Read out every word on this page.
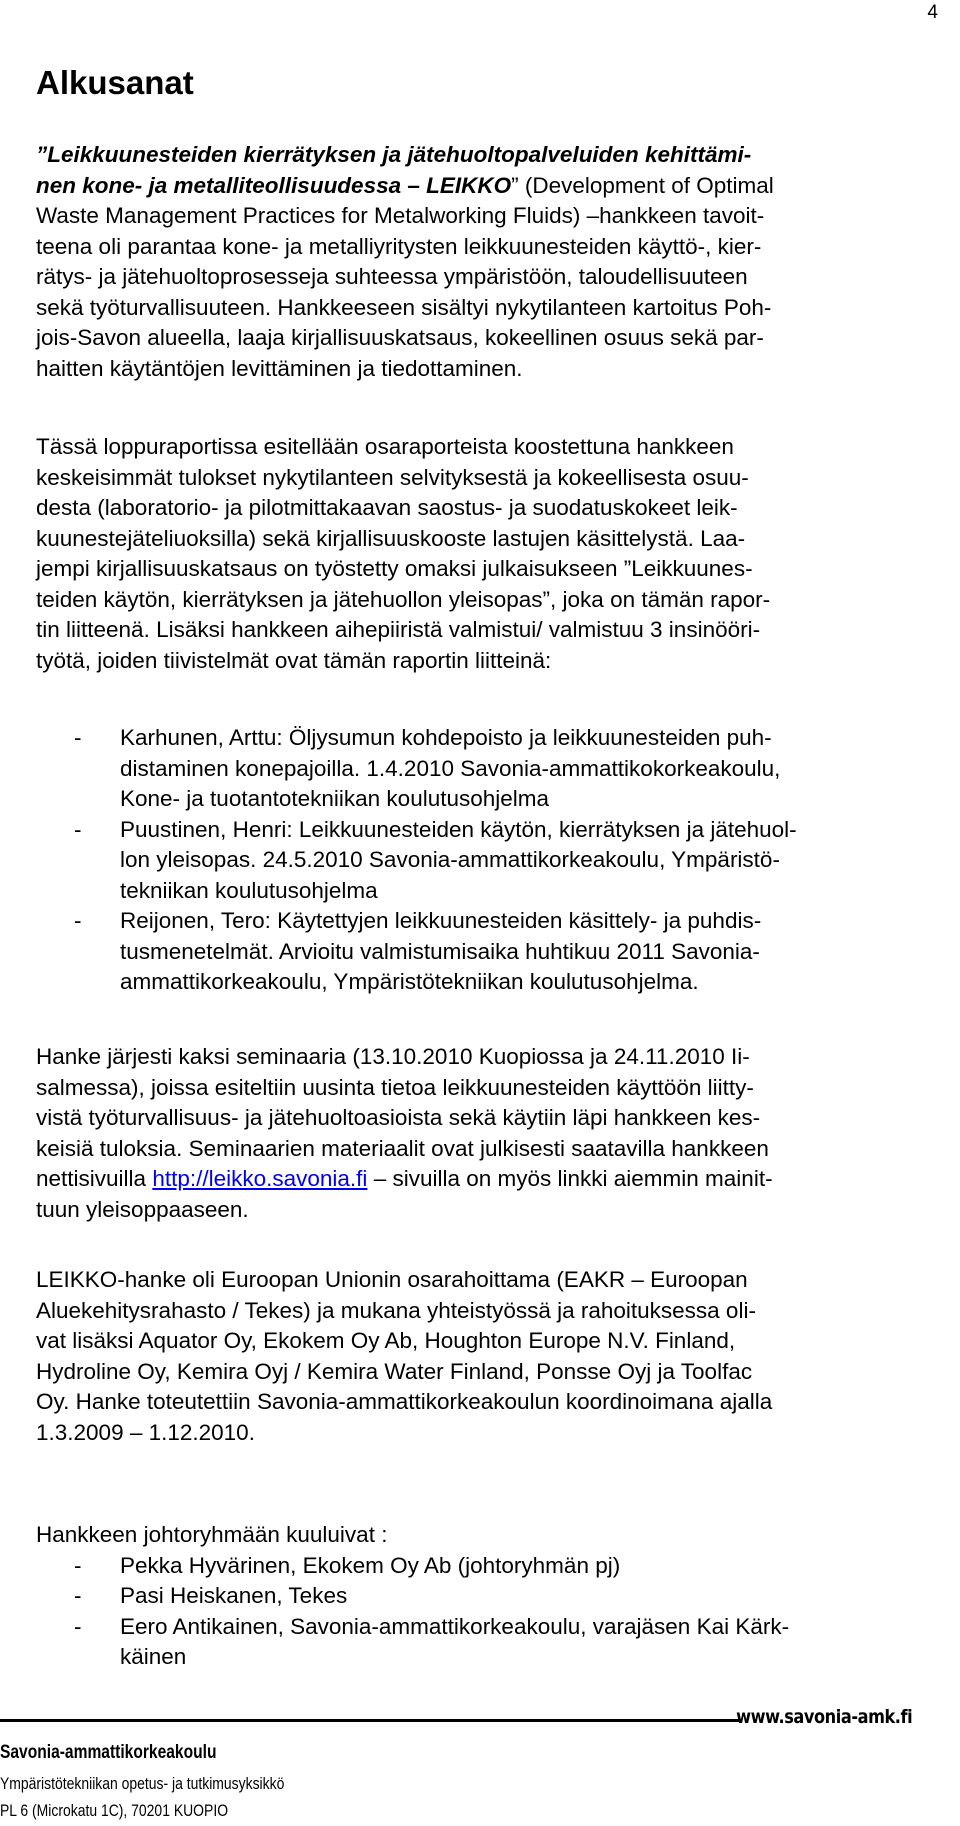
4
Alkusanat
”Leikkuunesteiden kierrätyksen ja jätehuoltopalveluiden kehittämi-
nen kone- ja metalliteollisuudessa – LEIKKO” (Development of Optimal
Waste Management Practices for Metalworking Fluids) –hankkeen tavoit-
teena oli parantaa kone- ja metalliyritysten leikkuunesteiden käyttö-, kier-
rätys- ja jätehuoltoprosesseja suhteessa ympäristöön, taloudellisuuteen
sekä työturvallisuuteen. Hankkeeseen sisältyi nykytilanteen kartoitus Poh-
jois-Savon alueella, laaja kirjallisuuskatsaus, kokeellinen osuus sekä par-
haitten käytäntöjen levittäminen ja tiedottaminen.
Tässä loppuraportissa esitellään osaraporteista koostettuna hankkeen
keskeisimmät tulokset nykytilanteen selvityksestä ja kokeellisesta osuu-
desta (laboratorio- ja pilotmittakaavan saostus- ja suodatuskokeet leik-
kuunestejäteliuoksilla) sekä kirjallisuuskooste lastujen käsittelystä. Laa-
jempi kirjallisuuskatsaus on työstetty omaksi julkaisukseen ”Leikkuunes-
teiden käytön, kierrätyksen ja jätehuollon yleisopas”, joka on tämän rapor-
tin liitteenä. Lisäksi hankkeen aihepiiristä valmistui/ valmistuu 3 insinööri-
työtä, joiden tiivistelmät ovat tämän raportin liitteinä:
- Karhunen, Arttu: Öljysumun kohdepoisto ja leikkuunesteiden puh-
distaminen konepajoilla. 1.4.2010 Savonia-ammattikokorkeakoulu,
Kone- ja tuotantotekniikan koulutusohjelma
- Puustinen, Henri: Leikkuunesteiden käytön, kierrätyksen ja jätehuol-
lon yleisopas. 24.5.2010 Savonia-ammattikorkeakoulu, Ympäristö-
tekniikan koulutusohjelma
- Reijonen, Tero: Käytettyjen leikkuunesteiden käsittely- ja puhdis-
tusmenetelmät. Arvioitu valmistumisaika huhtikuu 2011 Savonia-
ammattikorkeakoulu, Ympäristötekniikan koulutusohjelma.
Hanke järjesti kaksi seminaaria (13.10.2010 Kuopiossa ja 24.11.2010 Ii-
salmessa), joissa esiteltiin uusinta tietoa leikkuunesteiden käyttöön liitty-
vistä työturvallisuus- ja jätehuoltoasioista sekä käytiin läpi hankkeen kes-
keisiä tuloksia. Seminaarien materiaalit ovat julkisesti saatavilla hankkeen
nettisivuilla http://leikko.savonia.fi – sivuilla on myös linkki aiemmin mainit-
tuun yleisoppaaseen.
LEIKKO-hanke oli Euroopan Unionin osarahoittama (EAKR – Euroopan
Aluekehitysrahasto / Tekes) ja mukana yhteistyössä ja rahoituksessa oli-
vat lisäksi Aquator Oy, Ekokem Oy Ab, Houghton Europe N.V. Finland,
Hydroline Oy, Kemira Oyj / Kemira Water Finland, Ponsse Oyj ja Toolfac
Oy. Hanke toteutettiin Savonia-ammattikorkeakoulun koordinoimana ajalla
1.3.2009 – 1.12.2010.
Hankkeen johtoryhmään kuuluivat :
- Pekka Hyvärinen, Ekokem Oy Ab (johtoryhmän pj)
- Pasi Heiskanen, Tekes
- Eero Antikainen, Savonia-ammattikorkeakoulu, varajäsen Kai Kärk-
käinen
www.savonia-amk.fi
Savonia-ammattikorkeakoulu
Ympäristötekniikan opetus- ja tutkimusyksikkö
PL 6 (Microkatu 1C), 70201 KUOPIO
